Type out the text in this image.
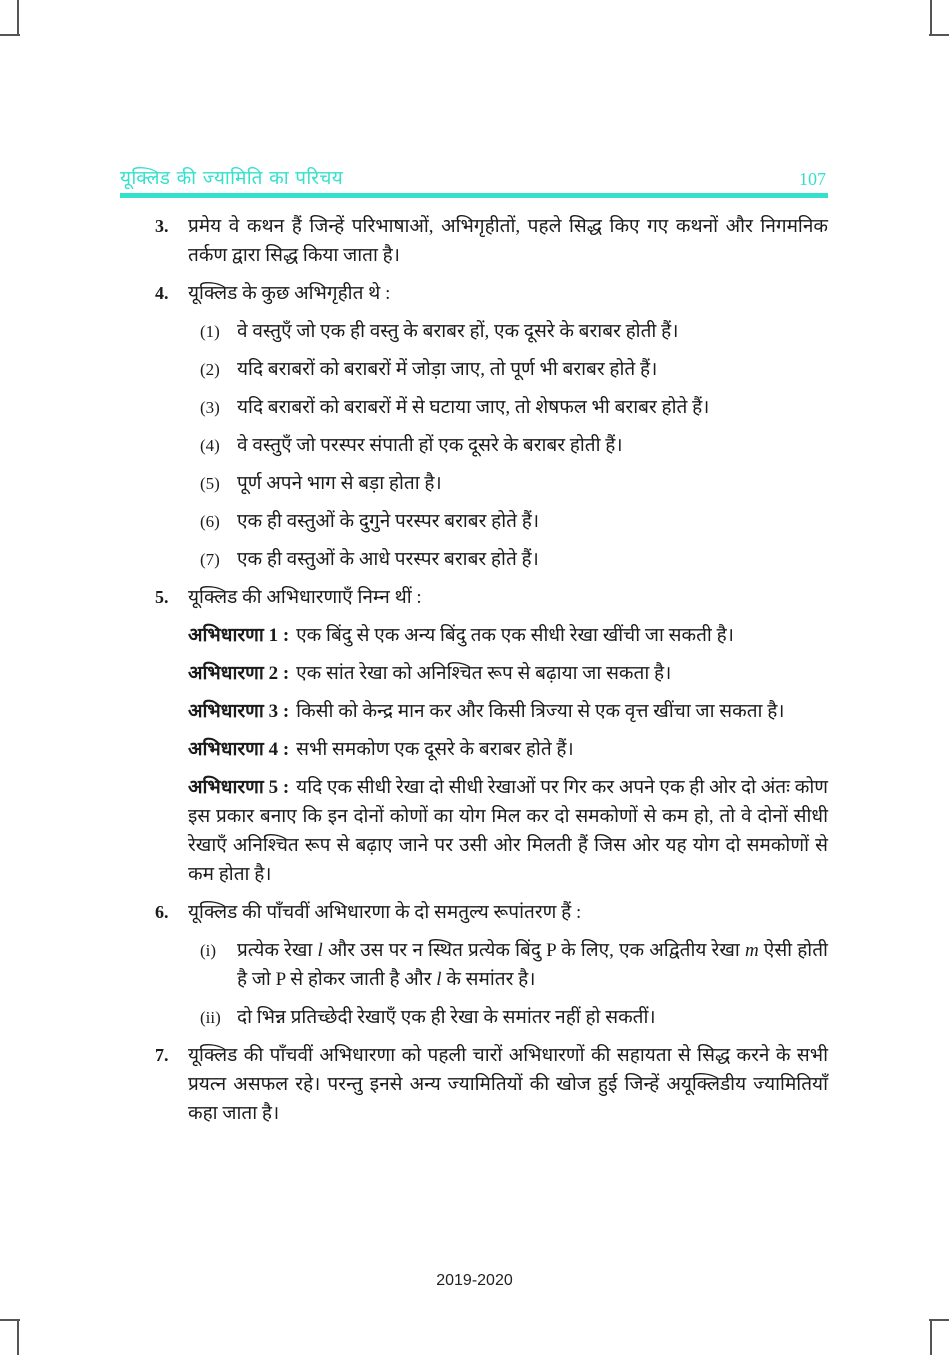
यूक्लिड की ज्यामिति का परिचय	107
3.	प्रमेय वे कथन हैं जिन्हें परिभाषाओं, अभिगृहीतों, पहले सिद्ध किए गए कथनों और निगमनिक तर्कण द्वारा सिद्ध किया जाता है।
4.	यूक्लिड के कुछ अभिगृहीत थे :
(1) वे वस्तुएँ जो एक ही वस्तु के बराबर हों, एक दूसरे के बराबर होती हैं।
(2) यदि बराबरों को बराबरों में जोड़ा जाए, तो पूर्ण भी बराबर होते हैं।
(3) यदि बराबरों को बराबरों में से घटाया जाए, तो शेषफल भी बराबर होते हैं।
(4) वे वस्तुएँ जो परस्पर संपाती हों एक दूसरे के बराबर होती हैं।
(5) पूर्ण अपने भाग से बड़ा होता है।
(6) एक ही वस्तुओं के दुगुने परस्पर बराबर होते हैं।
(7) एक ही वस्तुओं के आधे परस्पर बराबर होते हैं।
5.	यूक्लिड की अभिधारणाएँ निम्न थीं :
अभिधारणा 1 : एक बिंदु से एक अन्य बिंदु तक एक सीधी रेखा खींची जा सकती है।
अभिधारणा 2 : एक सांत रेखा को अनिश्चित रूप से बढ़ाया जा सकता है।
अभिधारणा 3 : किसी को केन्द्र मान कर और किसी त्रिज्या से एक वृत्त खींचा जा सकता है।
अभिधारणा 4 : सभी समकोण एक दूसरे के बराबर होते हैं।
अभिधारणा 5 : यदि एक सीधी रेखा दो सीधी रेखाओं पर गिर कर अपने एक ही ओर दो अंतः कोण इस प्रकार बनाए कि इन दोनों कोणों का योग मिल कर दो समकोणों से कम हो, तो वे दोनों सीधी रेखाएँ अनिश्चित रूप से बढ़ाए जाने पर उसी ओर मिलती हैं जिस ओर यह योग दो समकोणों से कम होता है।
6.	यूक्लिड की पाँचवीं अभिधारणा के दो समतुल्य रूपांतरण हैं :
(i)	प्रत्येक रेखा l और उस पर न स्थित प्रत्येक बिंदु P के लिए, एक अद्वितीय रेखा m ऐसी होती है जो P से होकर जाती है और l के समांतर है।
(ii) दो भिन्न प्रतिच्छेदी रेखाएँ एक ही रेखा के समांतर नहीं हो सकतीं।
7.	यूक्लिड की पाँचवीं अभिधारणा को पहली चारों अभिधारणों की सहायता से सिद्ध करने के सभी प्रयत्न असफल रहे। परन्तु इनसे अन्य ज्यामितियों की खोज हुई जिन्हें अयूक्लिडीय ज्यामितियाँ कहा जाता है।
2019-2020
